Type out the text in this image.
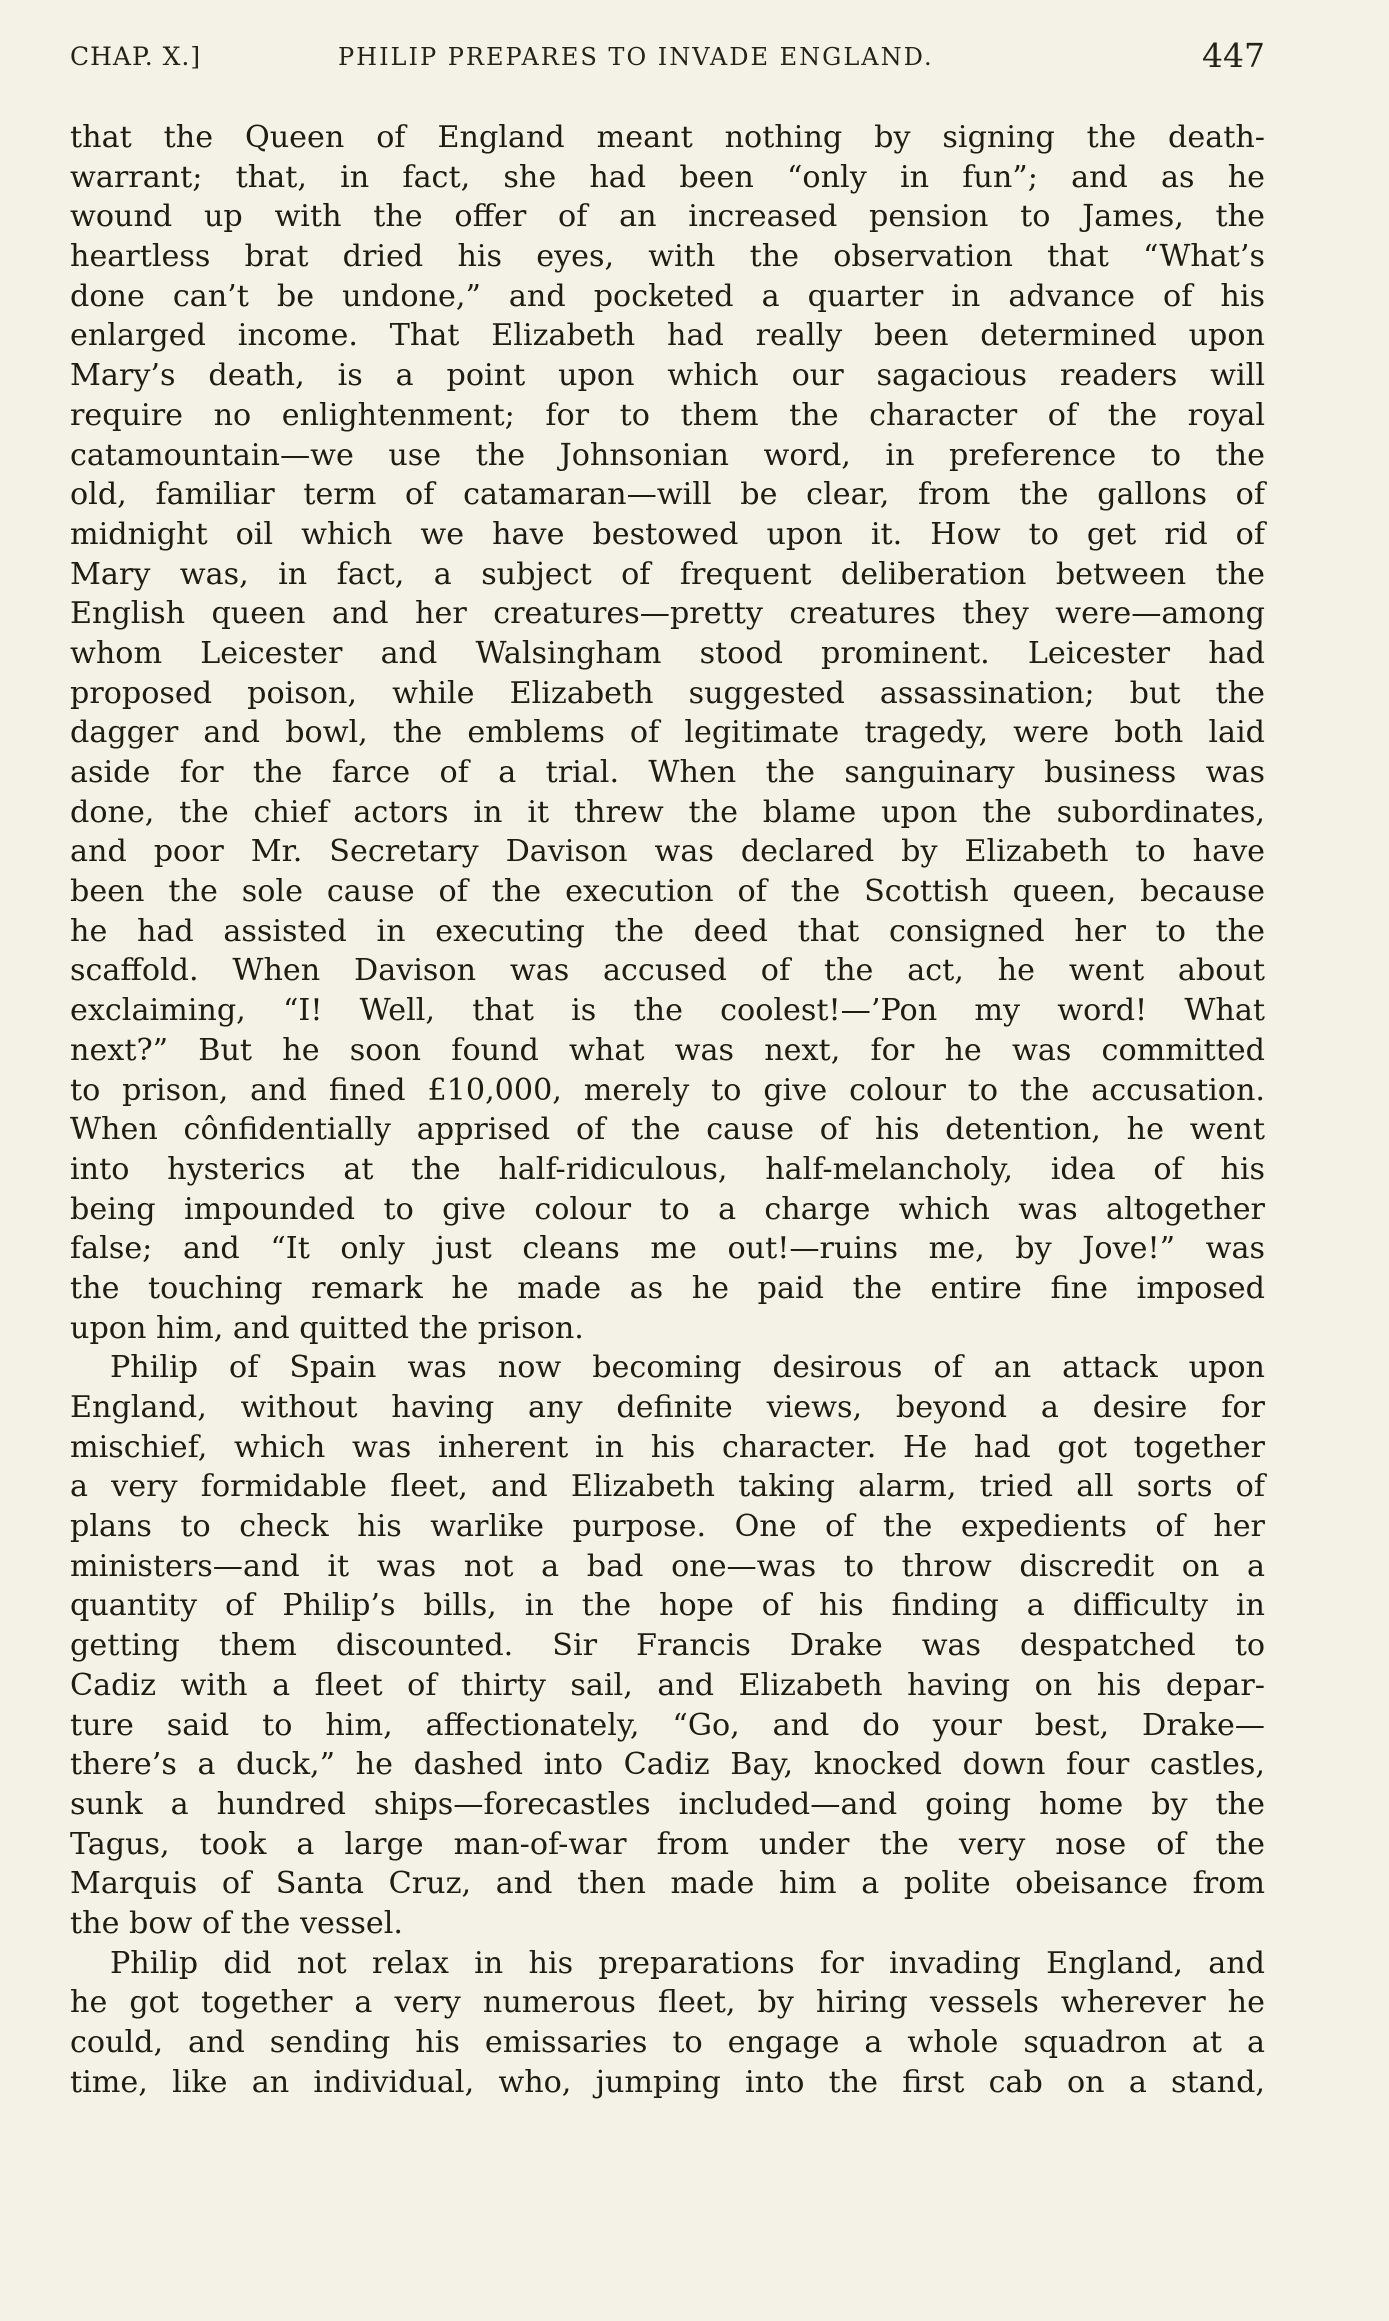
CHAP. X.]	PHILIP PREPARES TO INVADE ENGLAND.	447
that the Queen of England meant nothing by signing the death-
warrant; that, in fact, she had been “only in fun”; and as he
wound up with the offer of an increased pension to James, the
heartless brat dried his eyes, with the observation that “What’s
done can’t be undone,” and pocketed a quarter in advance of his
enlarged income. That Elizabeth had really been determined upon
Mary’s death, is a point upon which our sagacious readers will
require no enlightenment; for to them the character of the royal
catamountain—we use the Johnsonian word, in preference to the
old, familiar term of catamaran—will be clear, from the gallons of
midnight oil which we have bestowed upon it. How to get rid of
Mary was, in fact, a subject of frequent deliberation between the
English queen and her creatures—pretty creatures they were—among
whom Leicester and Walsingham stood prominent. Leicester had
proposed poison, while Elizabeth suggested assassination; but the
dagger and bowl, the emblems of legitimate tragedy, were both laid
aside for the farce of a trial. When the sanguinary business was
done, the chief actors in it threw the blame upon the subordinates,
and poor Mr. Secretary Davison was declared by Elizabeth to have
been the sole cause of the execution of the Scottish queen, because
he had assisted in executing the deed that consigned her to the
scaffold. When Davison was accused of the act, he went about
exclaiming, “I! Well, that is the coolest!—’Pon my word! What
next?” But he soon found what was next, for he was committed
to prison, and fined £10,000, merely to give colour to the accusation.
When cônfidentially apprised of the cause of his detention, he went
into hysterics at the half-ridiculous, half-melancholy, idea of his
being impounded to give colour to a charge which was altogether
false; and “It only just cleans me out!—ruins me, by Jove!” was
the touching remark he made as he paid the entire fine imposed
upon him, and quitted the prison.
Philip of Spain was now becoming desirous of an attack upon
England, without having any definite views, beyond a desire for
mischief, which was inherent in his character. He had got together
a very formidable fleet, and Elizabeth taking alarm, tried all sorts of
plans to check his warlike purpose. One of the expedients of her
ministers—and it was not a bad one—was to throw discredit on a
quantity of Philip’s bills, in the hope of his finding a difficulty in
getting them discounted. Sir Francis Drake was despatched to
Cadiz with a fleet of thirty sail, and Elizabeth having on his depar-
ture said to him, affectionately, “Go, and do your best, Drake—
there’s a duck,” he dashed into Cadiz Bay, knocked down four castles,
sunk a hundred ships—forecastles included—and going home by the
Tagus, took a large man-of-war from under the very nose of the
Marquis of Santa Cruz, and then made him a polite obeisance from
the bow of the vessel.
Philip did not relax in his preparations for invading England, and
he got together a very numerous fleet, by hiring vessels wherever he
could, and sending his emissaries to engage a whole squadron at a
time, like an individual, who, jumping into the first cab on a stand,
